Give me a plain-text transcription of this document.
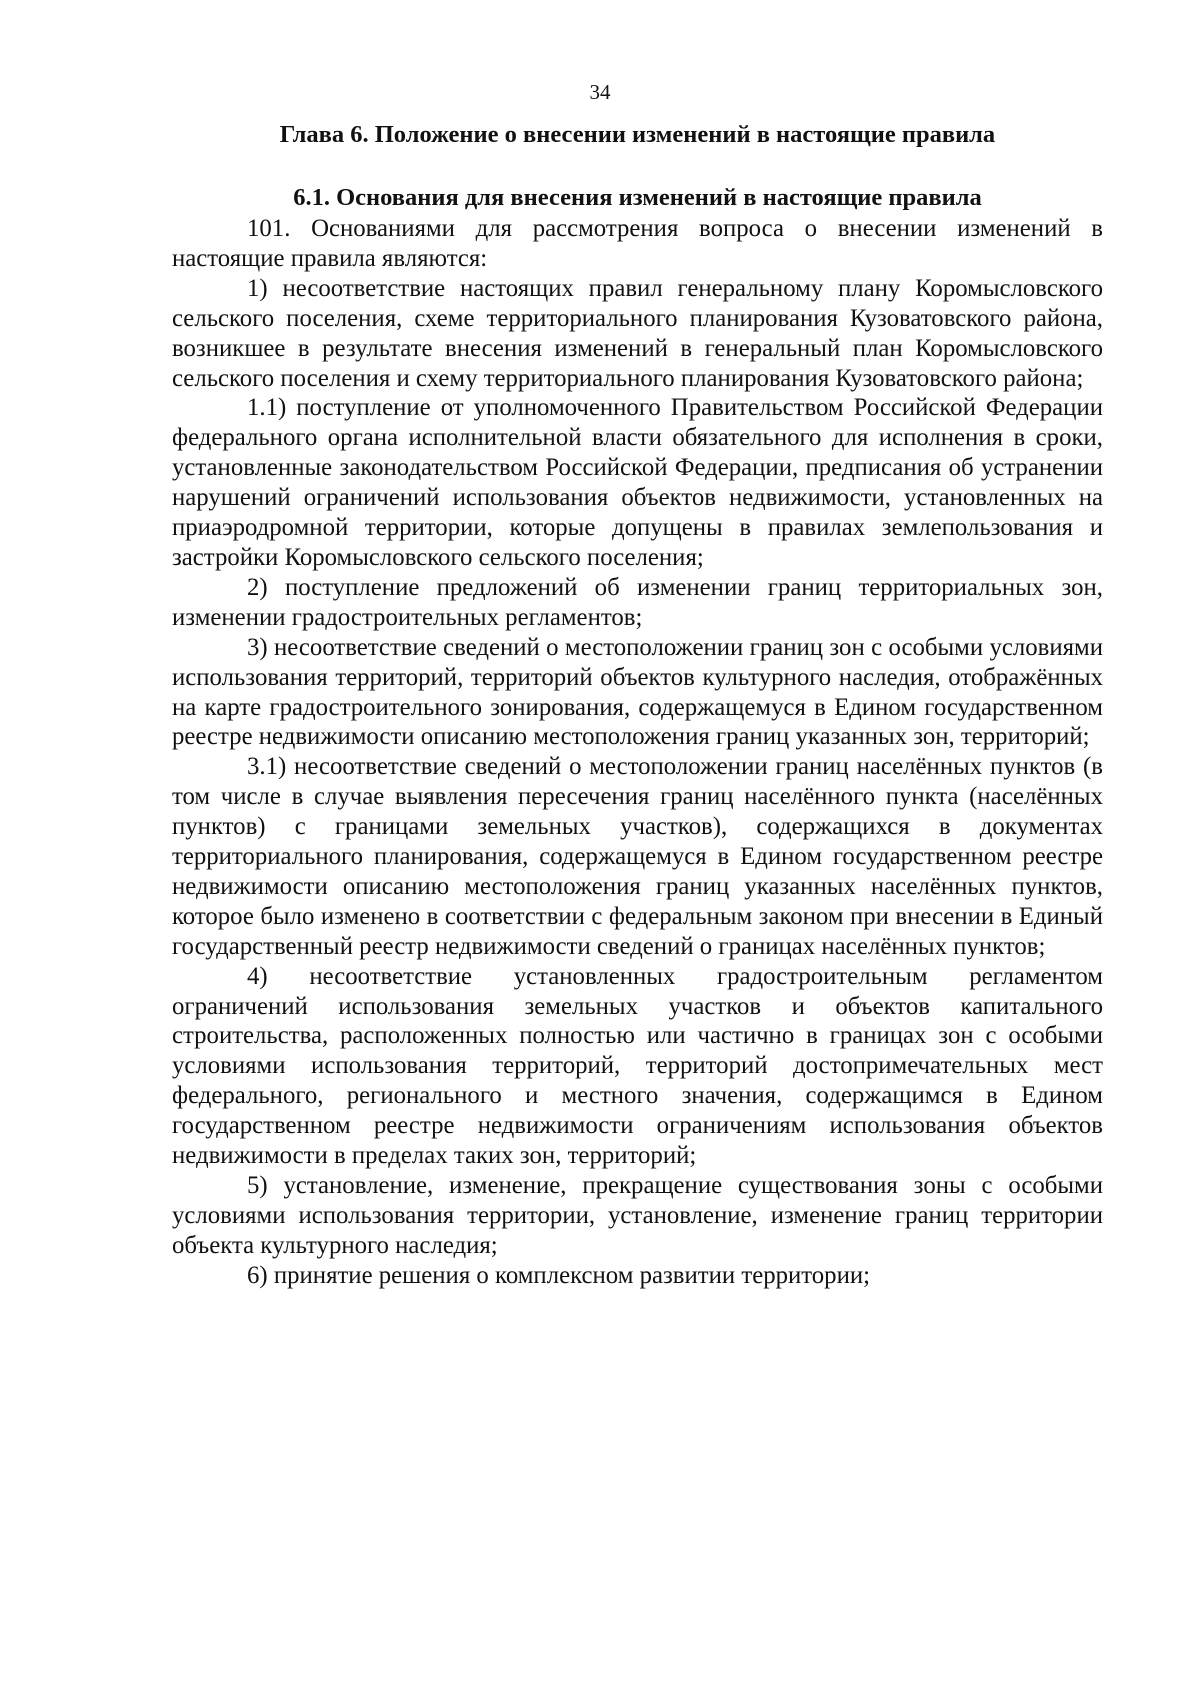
34
Глава 6. Положение о внесении изменений в настоящие правила
6.1. Основания для внесения изменений в настоящие правила

101. Основаниями для рассмотрения вопроса о внесении изменений в настоящие правила являются:

1) несоответствие настоящих правил генеральному плану Коромысловского сельского поселения, схеме территориального планирования Кузоватовского района, возникшее в результате внесения изменений в генеральный план Коромысловского сельского поселения и схему территориального планирования Кузоватовского района;

1.1) поступление от уполномоченного Правительством Российской Федерации федерального органа исполнительной власти обязательного для исполнения в сроки, установленные законодательством Российской Федерации, предписания об устранении нарушений ограничений использования объектов недвижимости, установленных на приаэродромной территории, которые допущены в правилах землепользования и застройки Коромысловского сельского поселения;

2) поступление предложений об изменении границ территориальных зон, изменении градостроительных регламентов;

3) несоответствие сведений о местоположении границ зон с особыми условиями использования территорий, территорий объектов культурного наследия, отображённых на карте градостроительного зонирования, содержащемуся в Едином государственном реестре недвижимости описанию местоположения границ указанных зон, территорий;

3.1) несоответствие сведений о местоположении границ населённых пунктов (в том числе в случае выявления пересечения границ населённого пункта (населённых пунктов) с границами земельных участков), содержащихся в документах территориального планирования, содержащемуся в Едином государственном реестре недвижимости описанию местоположения границ указанных населённых пунктов, которое было изменено в соответствии с федеральным законом при внесении в Единый государственный реестр недвижимости сведений о границах населённых пунктов;

4) несоответствие установленных градостроительным регламентом ограничений использования земельных участков и объектов капитального строительства, расположенных полностью или частично в границах зон с особыми условиями использования территорий, территорий достопримечательных мест федерального, регионального и местного значения, содержащимся в Едином государственном реестре недвижимости ограничениям использования объектов недвижимости в пределах таких зон, территорий;

5) установление, изменение, прекращение существования зоны с особыми условиями использования территории, установление, изменение границ территории объекта культурного наследия;

6) принятие решения о комплексном развитии территории;
